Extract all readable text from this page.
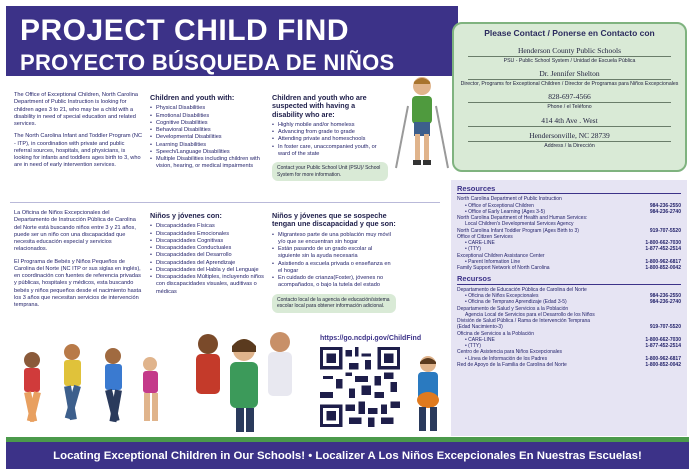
PROJECT CHILD FIND
PROYECTO BÚSQUEDA DE NIÑOS
Please Contact / Ponerse en Contacto con
Henderson County Public Schools
PSU - Public School System / Unidad de Escuela Pública
Dr. Jennifer Shelton
Director, Programs for Exceptional Children / Director de Programas para Niños Excepcionales
828-697-4566
Phone / el Teléfono
414 4th Ave . West
Hendersonville, NC 28739
Address / la Dirección

The Office of Exceptional Children, North Carolina Department of Public Instruction is looking for children ages 3 to 21, who may be a child with a disability in need of special education and related services.

The North Carolina Infant and Toddler Program (NC - ITP), in coordination with private and public referral sources, hospitals, and physicians, is looking for infants and toddlers ages birth to 3, who are in need of early intervention services.

Children and youth with:
• Physical Disabilities
• Emotional Disabilities
• Cognitive Disabilities
• Behavioral Disabilities
• Developmental Disabilities
• Learning Disabilities
• Speech/Language Disabilities
• Multiple Disabilities including children with vision, hearing, or medical impairments
Children and youth who are suspected with having a disability who are:
• Highly mobile and/or homeless
• Advancing from grade to grade
• Attending private and homeschools
• In foster care, unaccompanied youth, or ward of the state
Contact your Public School Unit (PSU)/ School System for more information.

La Oficina de Niños Excepcionales del Departamento de Instrucción Pública de Carolina del Norte está buscando niños entre 3 y 21 años, puede ser un niño con una discapacidad que necesita educación especial y servicios relacionados.

El Programa de Bebés y Niños Pequeños de Carolina del Norte (NC ITP or sus siglas en inglés), en coordinación con fuentes de referencia privadas y públicas, hospitales y médicos, esta buscando bebés y niños pequeños desde el nacimiento hasta los 3 años que necesitan servicios de intervención temprana.

Niños y jóvenes con:
• Discapacidades Físicas
• Discapacidades Emocionales
• Discapacidades Cognitivas
• Discapacidades Conductuales
• Discapacidades del Desarrollo
• Discapacidades del Aprendizaje
• Discapacidades del Habla y del Lenguaje
• Discapacidades Múltiples, incluyendo niños con discapacidades visuales, auditivas o médicas
Niños y jóvenes que se sospeche tengan une discapacidad y que son:
• Migranteso parte de una población muy móvil y/o que se encuentran sin hogar
• Están pasando de un grado escolar al siguiente sin la ayuda necesaria
• Asistiendo a escuela privada o enseñanza en el hogar
• En cuidado de crianza(Foster), jóvenes no acompañados, o bajo la tutela del estado
Contacto local de la agencia de educación/sistema escolar local para obtener información adicional.
Resources
North Carolina Department of Public Instruction
• Office of Exceptional Children	984-236-2550
• Office of Early Learning (Ages 3-5)	984-236-2740
North Carolina Department of Health and Human Services:
Local Children's Developmental Services Agency
North Carolina Infant Toddler Program (Ages Birth to 3)	919-707-5520
Office of Citizen Services
• CARE-LINE	1-800-662-7030
• (TTY)	1-877-452-2514
Exceptional Children Assistance Center
• Parent Information Line	1-800-962-6817
Family Support Network of North Carolina	1-800-852-0042
Recursos
Departamento de Educación Pública de Carolina del Norte
• Oficina de Niños Excepcionales	984-236-2550
• Oficina de Temprano Aprendizaje (Edad 3-5)	984-236-2740
Departamento de Salud y Servicios a la Población
Agencia Local de Servicios para el Desarrollo de los Niños
División de Salud Pública / Rama de Intervención Temprana
(Edad Nacimiento-3)	919-707-5520
Oficina de Servicios a la Población
• CARE-LINE	1-800-662-7030
• (TTY)	1-877-452-2514
Centro de Asistencia para Niños Excepcionales
• Línea de Información de los Padres	1-800-962-6817
Red de Apoyo de la Familia de Carolina del Norte	1-800-852-0042
https://go.ncdpi.gov/ChildFind
Locating Exceptional Children in Our Schools! • Localizer A Los Niños Excepcionales En Nuestras Escuelas!
